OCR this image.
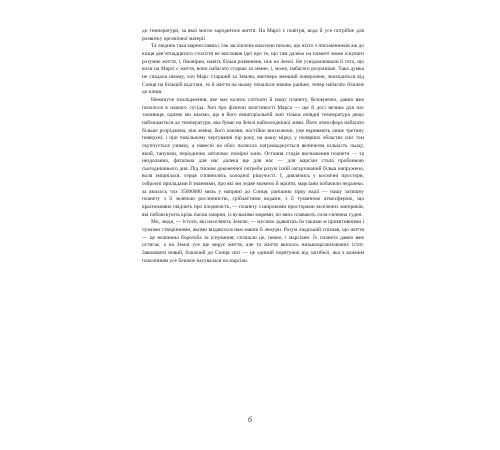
до температури, за якої могло зародитися життя. На Марсі є повітря, вода й усе потрібне для розвитку органічної матерії.

Та людина така марнославна і так засліплена власною пихою, що ніхто з письменників аж до кінця дев’ятнадцятого століття не висловив ідеї про те, що там далеко на планеті може існувати розумне життя, і, ймовірно, навіть більш розвинене, ніж на Землі. Не усвідомлювали й того, що коли на Марсі є життя, воно набагато старше за земне, і, може, набагато розумніше. Така думка не спадала нікому, хоч Марс старший за Землю, вчетверо менший поверхнею, знаходиться від Сонця на більшій відстані, то й життя на ньому почалося значно раніше, тепер набагато ближче до кінця.

Неминуче охолодження, яке має колись спіткати й нашу планету, безперечно, давно вже почалося в нашого сусіда. Хоч про фізичні властивості Марса — ще й досі велика для нас таємниця, одначе ми знаємо, що в його екваторіальній зоні тільки опівдні температура дещо наближається до температури, яка буває на Землі найхолоднішої зими. Його атмосфера набагато більше розріджена, ніж земна; його океани, постійно висихаючи, уже вкривають лише третину поверхні; і при повільному чергуванні пір року, на нашу мірку, у полярних областях сніг там скупчується узимку, а навесні на обох полюсах нагромаджується величезна кількість льоду, який, тануючи, періодично затоплює помірні зони. Остання стадія виснаження планети — та нездоланна, фатальна для нас далека ще для нас — для марсіан стала проблемою сьогоднішнього дня. Під тиском доконечної потреби розум їхній загартований більш напружено, воля зміцнілася, серця сповнились холодної рішучості. І, дивлячись у космічні простори, озброєні приладами й знаннями, про які ми ледве можемо й мріяти, марсіани побачили недалеко, за якихось тих 35000000 миль у напрямі до Сонця, ранішню зірку надії — нашу затишну планету з її зеленою рослинністю, сріблястими водами, з її туманною атмосферою, що красномовно свідчить про плодючість, — планету з широкими просторами заселених материків, які поблискують крізь пасма хмарин, із вузькими морями, по яких плавають сила-силенна суден.

Ми, люди, — істоти, які населяють Землю, — мусимо здаватись їм такими ж примітивними і чужими створіннями, якими видаються нам мавпи й лемури. Розум людський спізнав, що життя — це неапинна боротьба за існування; спізнали це, певно, і марсіани. Їх планета давно вже остигає, а на Землі усе ще вирує життя, але то життя якихось низькоорганізованих істот. Завоювати новий, ближчий до Сонця світ — це єдиний порятунок від загибелі, яка з кожним поколінням усе ближче насувалася на марсіан.

6
